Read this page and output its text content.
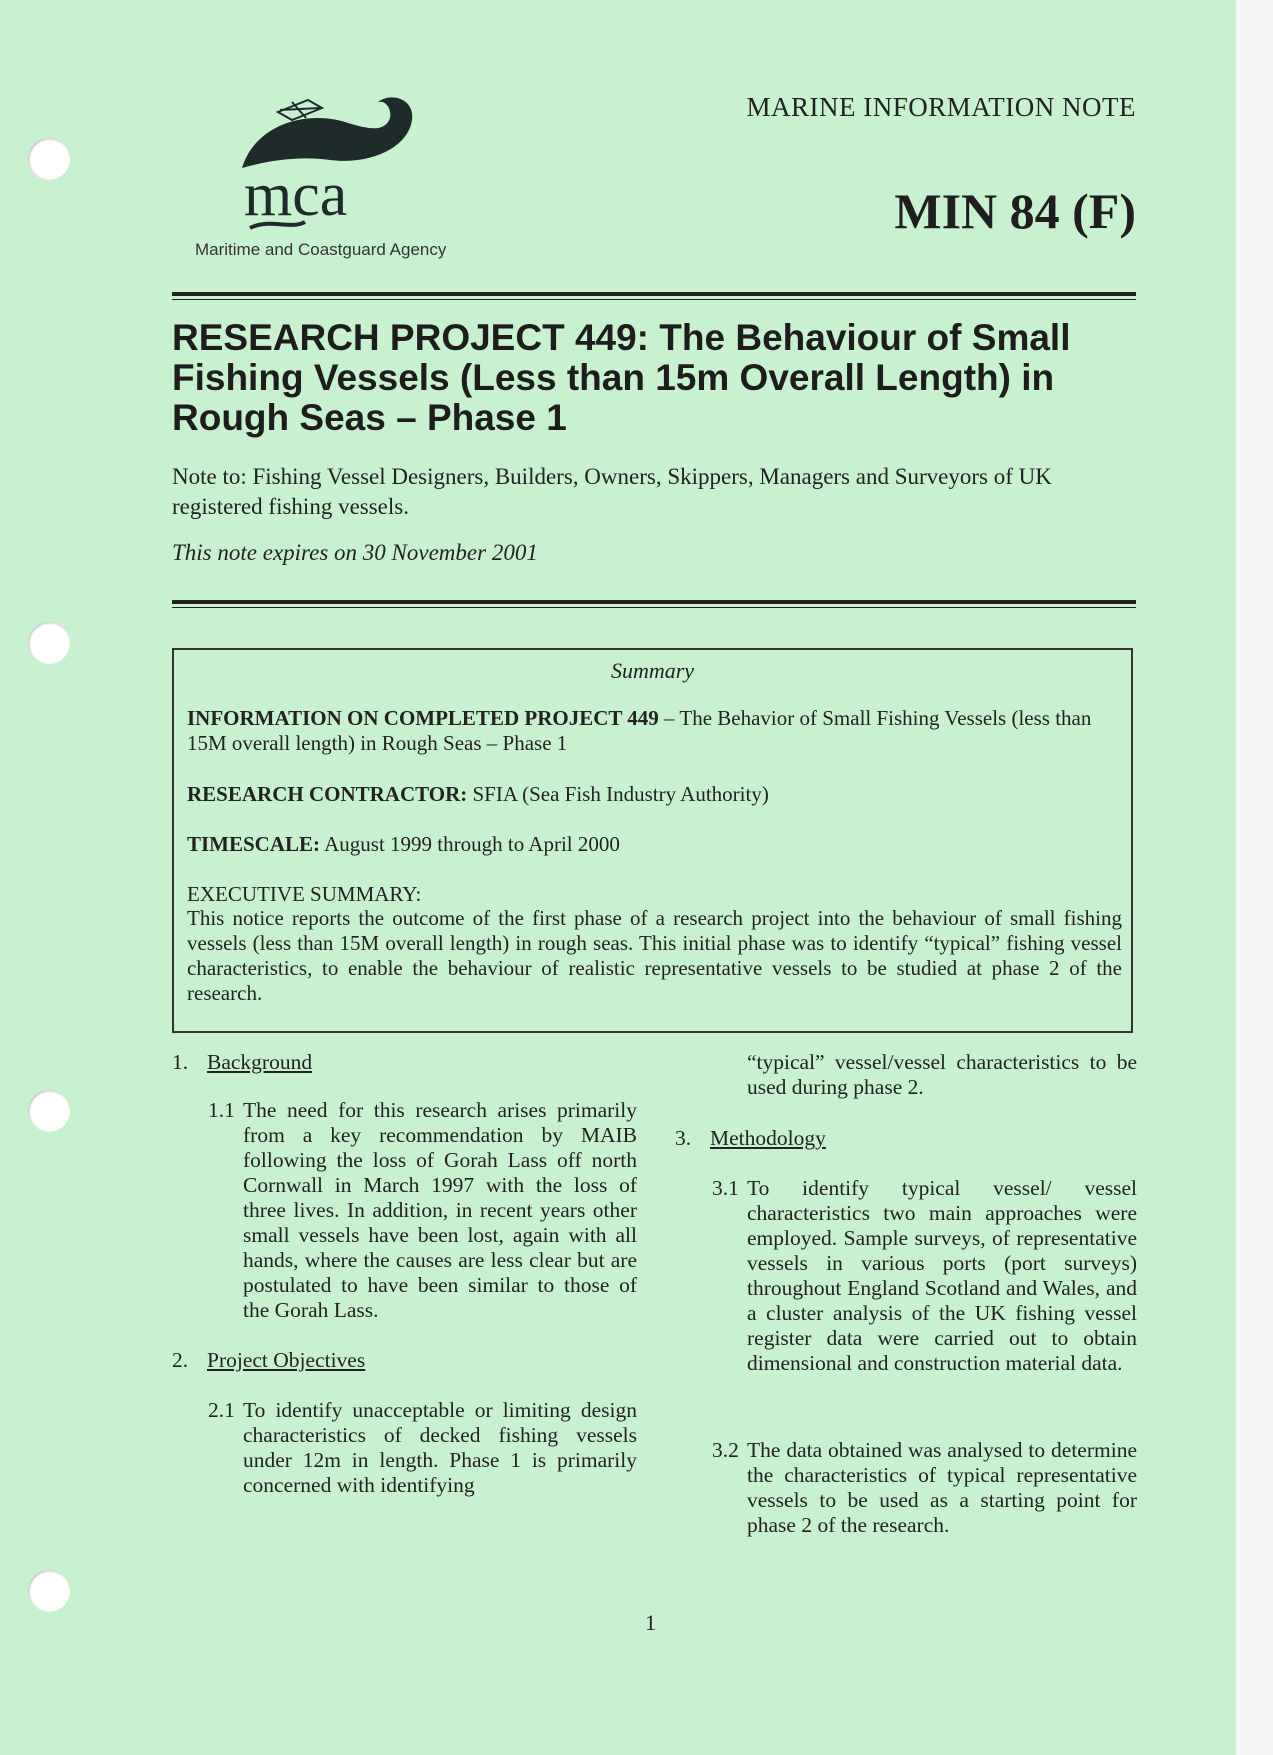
mca
Maritime and Coastguard Agency
MARINE INFORMATION NOTE
MIN 84 (F)
RESEARCH PROJECT 449: The Behaviour of Small Fishing Vessels (Less than 15m Overall Length) in Rough Seas – Phase 1

Note to: Fishing Vessel Designers, Builders, Owners, Skippers, Managers and Surveyors of UK registered fishing vessels.

This note expires on 30 November 2001

Summary

INFORMATION ON COMPLETED PROJECT 449 – The Behavior of Small Fishing Vessels (less than 15M overall length) in Rough Seas – Phase 1

RESEARCH CONTRACTOR: SFIA (Sea Fish Industry Authority)

TIMESCALE: August 1999 through to April 2000

EXECUTIVE SUMMARY:

This notice reports the outcome of the first phase of a research project into the behaviour of small fishing vessels (less than 15M overall length) in rough seas. This initial phase was to identify “typical” fishing vessel characteristics, to enable the behaviour of realistic representative vessels to be studied at phase 2 of the research.

1. Background
1.1 The need for this research arises primarily from a key recommendation by MAIB following the loss of Gorah Lass off north Cornwall in March 1997 with the loss of three lives. In addition, in recent years other small vessels have been lost, again with all hands, where the causes are less clear but are postulated to have been similar to those of the Gorah Lass.

2. Project Objectives
2.1 To identify unacceptable or limiting design characteristics of decked fishing vessels under 12m in length. Phase 1 is primarily concerned with identifying

“typical” vessel/vessel characteristics to be used during phase 2.

3. Methodology
3.1 To identify typical vessel/ vessel characteristics two main approaches were employed. Sample surveys, of representative vessels in various ports (port surveys) throughout England Scotland and Wales, and a cluster analysis of the UK fishing vessel register data were carried out to obtain dimensional and construction material data.

3.2 The data obtained was analysed to determine the characteristics of typical representative vessels to be used as a starting point for phase 2 of the research.

1
